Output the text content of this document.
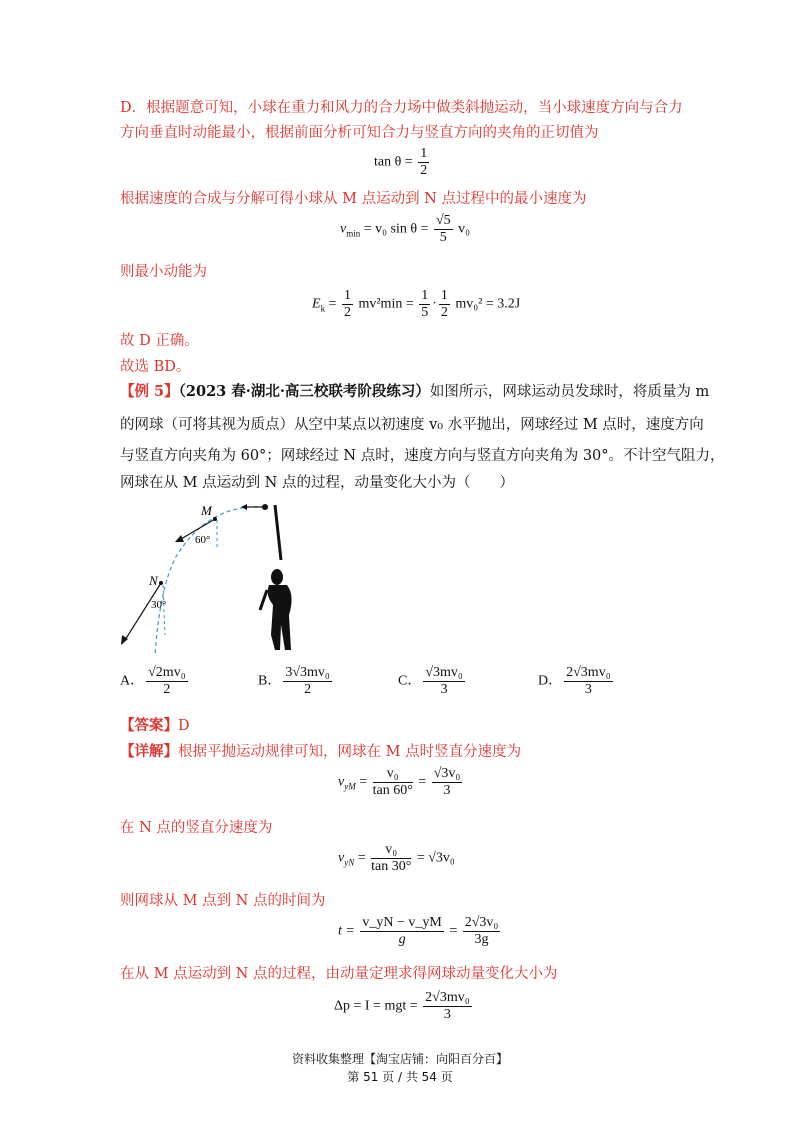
D．根据题意可知，小球在重力和风力的合力场中做类斜抛运动，当小球速度方向与合力
方向垂直时动能最小，根据前面分析可知合力与竖直方向的夹角的正切值为
$\tan \theta = \frac{1}{2}$
根据速度的合成与分解可得小球从 M 点运动到 N 点过程中的最小速度为
$v_{min} = v_0$ $\sin \theta = \frac{√5}{5} v_0$
则最小动能为
$E_k = \frac{1}{2} mv^2\min = \frac{1}{5} \cdot \frac{1}{2} mv_0^2 = 3.2J$
故 D 正确。
故选 BD。
【例 5】（2023 春·湖北·高三校联考阶段练习）如图所示，网球运动员发球时，将质量为 m
的网球（可将其视为质点）从空中某点以初速度 v₀ 水平抛出，网球经过 M 点时，速度方向
与竖直方向夹角为 60°；网球经过 N 点时，速度方向与竖直方向夹角为 30°。不计空气阻力，
网球在从 M 点运动到 N 点的过程，动量变化大小为（　　）
M
60°
N
30°
A． $\frac{\text{√2mv₀}}{2}$	B． $\frac{\text{3√3mv₀}}{2}$	C． $\frac{\text{√3mv₀}}{3}$	D． $\frac{\text{2√3mv₀}}{3}$
【答案】D
【详解】根据平抛运动规律可知，网球在 M 点时竖直分速度为
$v_{yM} = \frac{\text{v₀}}{\tan 60^\circ} = \frac{\text{√3v₀}}{3}$
在 N 点的竖直分速度为
$v_{yN} = \frac{\text{v₀}}{\tan 30^\circ} = √3v_0$
则网球从 M 点到 N 点的时间为
$t = \frac{v\_yN - v\_yM}{g} = \frac{\text{2√3v₀}}{3g}$
在从 M 点运动到 N 点的过程，由动量定理求得网球动量变化大小为
Δp = I = mgt = $\frac{\text{2√3mv₀}}{3}$
资料收集整理【淘宝店铺：向阳百分百】
第 51 页 / 共 54 页
